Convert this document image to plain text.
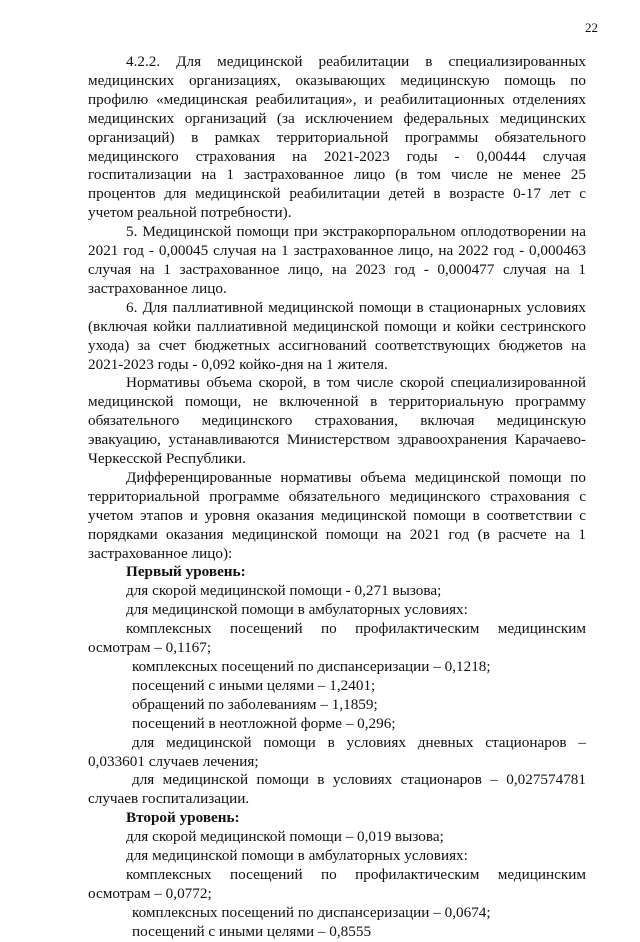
22

4.2.2. Для медицинской реабилитации в специализированных медицинских организациях, оказывающих медицинскую помощь по профилю «медицинская реабилитация», и реабилитационных отделениях медицинских организаций (за исключением федеральных медицинских организаций) в рамках территориальной программы обязательного медицинского страхования на 2021-2023 годы - 0,00444 случая госпитализации на 1 застрахованное лицо (в том числе не менее 25 процентов для медицинской реабилитации детей в возрасте 0-17 лет с учетом реальной потребности).

5. Медицинской помощи при экстракорпоральном оплодотворении на 2021 год - 0,00045 случая на 1 застрахованное лицо, на 2022 год - 0,000463 случая на 1 застрахованное лицо, на 2023 год - 0,000477 случая на 1 застрахованное лицо.

6. Для паллиативной медицинской помощи в стационарных условиях (включая койки паллиативной медицинской помощи и койки сестринского ухода) за счет бюджетных ассигнований соответствующих бюджетов на 2021-2023 годы - 0,092 койко-дня на 1 жителя.

Нормативы объема скорой, в том числе скорой специализированной медицинской помощи, не включенной в территориальную программу обязательного медицинского страхования, включая медицинскую эвакуацию, устанавливаются Министерством здравоохранения Карачаево-Черкесской Республики.

Дифференцированные нормативы объема медицинской помощи по территориальной программе обязательного медицинского страхования с учетом этапов и уровня оказания медицинской помощи в соответствии с порядками оказания медицинской помощи на 2021 год (в расчете на 1 застрахованное лицо):

Первый уровень:

для скорой медицинской помощи - 0,271 вызова;

для медицинской помощи в амбулаторных условиях:

комплексных посещений по профилактическим медицинским осмотрам – 0,1167;

комплексных посещений по диспансеризации – 0,1218;

посещений с иными целями – 1,2401;

обращений по заболеваниям – 1,1859;

посещений в неотложной форме – 0,296;

для медицинской помощи в условиях дневных стационаров – 0,033601 случаев лечения;

для медицинской помощи в условиях стационаров – 0,027574781 случаев госпитализации.

Второй уровень:

для скорой медицинской помощи – 0,019 вызова;

для медицинской помощи в амбулаторных условиях:

комплексных посещений по профилактическим медицинским осмотрам – 0,0772;

комплексных посещений по диспансеризации – 0,0674;

посещений с иными целями – 0,8555
